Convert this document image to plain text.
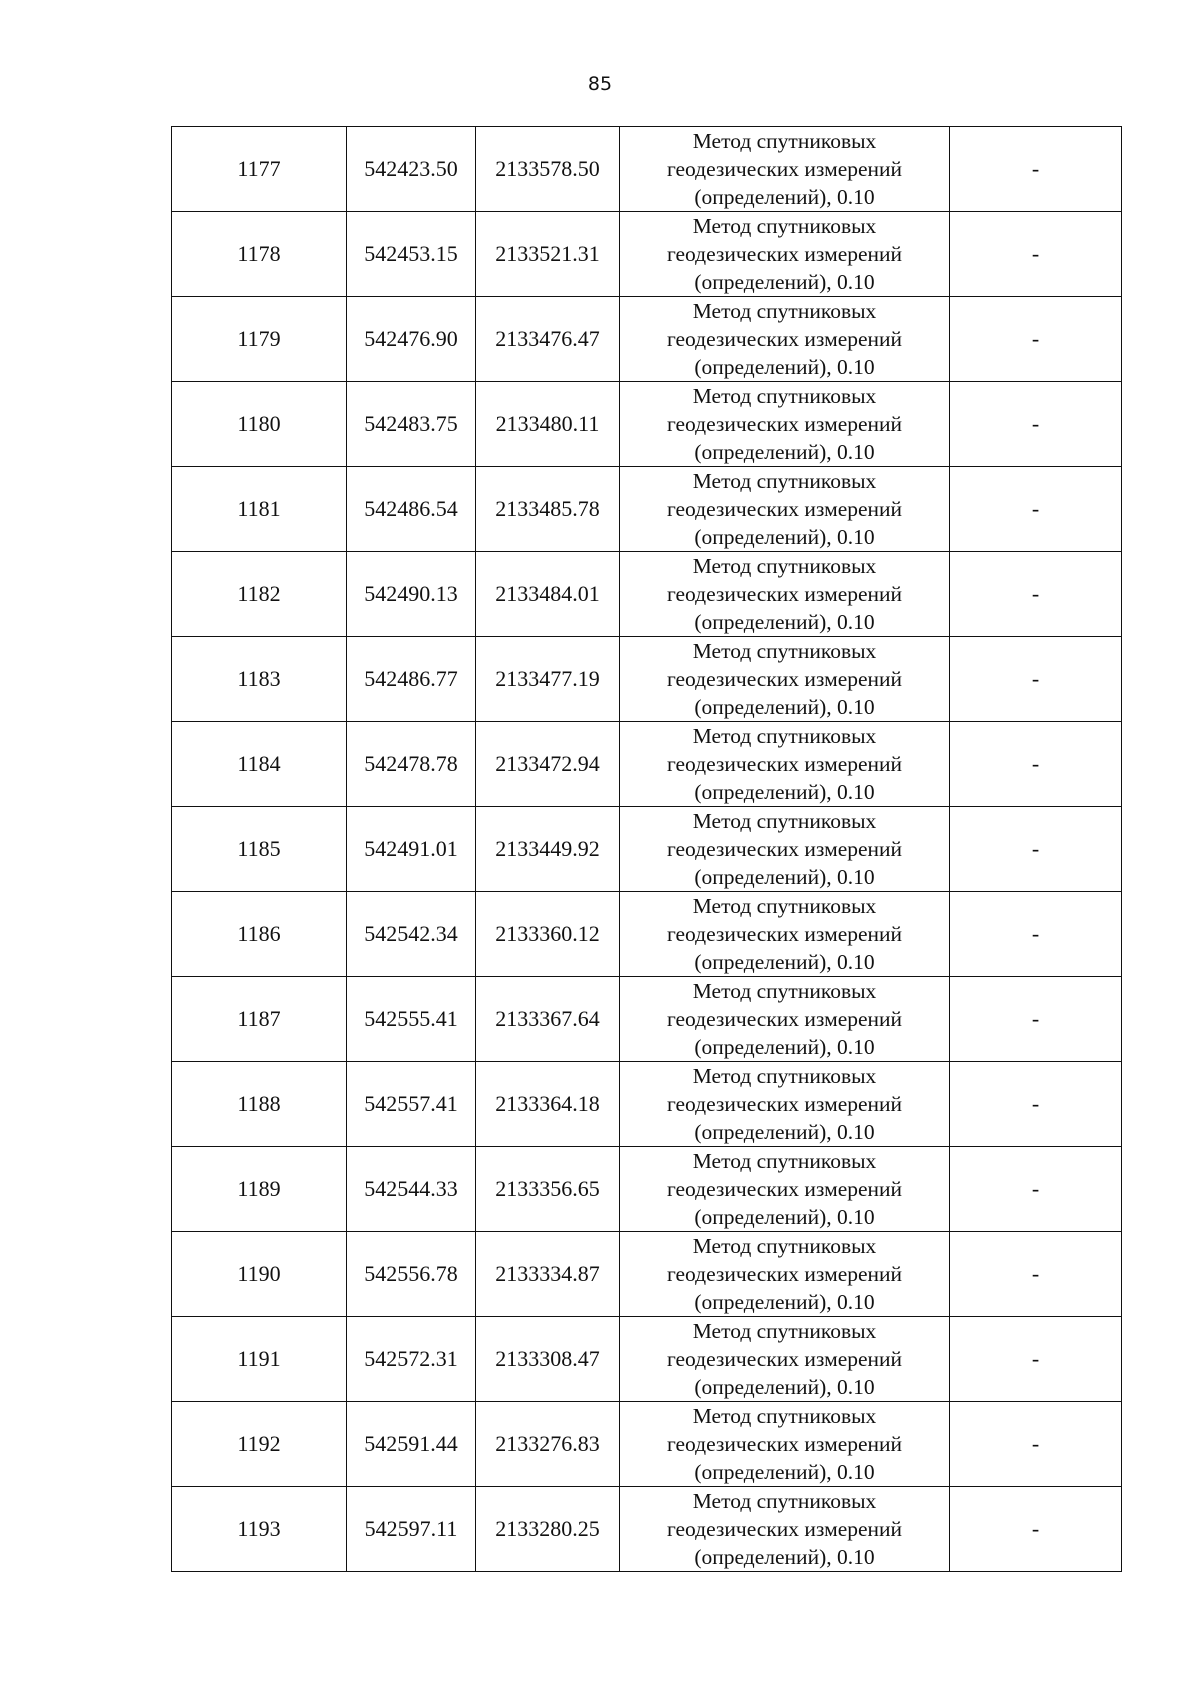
85
1177	542423.50	2133578.50	Метод спутниковых
геодезических измерений
(определений), 0.10	-
1178	542453.15	2133521.31	Метод спутниковых
геодезических измерений
(определений), 0.10	-
1179	542476.90	2133476.47	Метод спутниковых
геодезических измерений
(определений), 0.10	-
1180	542483.75	2133480.11	Метод спутниковых
геодезических измерений
(определений), 0.10	-
1181	542486.54	2133485.78	Метод спутниковых
геодезических измерений
(определений), 0.10	-
1182	542490.13	2133484.01	Метод спутниковых
геодезических измерений
(определений), 0.10	-
1183	542486.77	2133477.19	Метод спутниковых
геодезических измерений
(определений), 0.10	-
1184	542478.78	2133472.94	Метод спутниковых
геодезических измерений
(определений), 0.10	-
1185	542491.01	2133449.92	Метод спутниковых
геодезических измерений
(определений), 0.10	-
1186	542542.34	2133360.12	Метод спутниковых
геодезических измерений
(определений), 0.10	-
1187	542555.41	2133367.64	Метод спутниковых
геодезических измерений
(определений), 0.10	-
1188	542557.41	2133364.18	Метод спутниковых
геодезических измерений
(определений), 0.10	-
1189	542544.33	2133356.65	Метод спутниковых
геодезических измерений
(определений), 0.10	-
1190	542556.78	2133334.87	Метод спутниковых
геодезических измерений
(определений), 0.10	-
1191	542572.31	2133308.47	Метод спутниковых
геодезических измерений
(определений), 0.10	-
1192	542591.44	2133276.83	Метод спутниковых
геодезических измерений
(определений), 0.10	-
1193	542597.11	2133280.25	Метод спутниковых
геодезических измерений
(определений), 0.10	-
